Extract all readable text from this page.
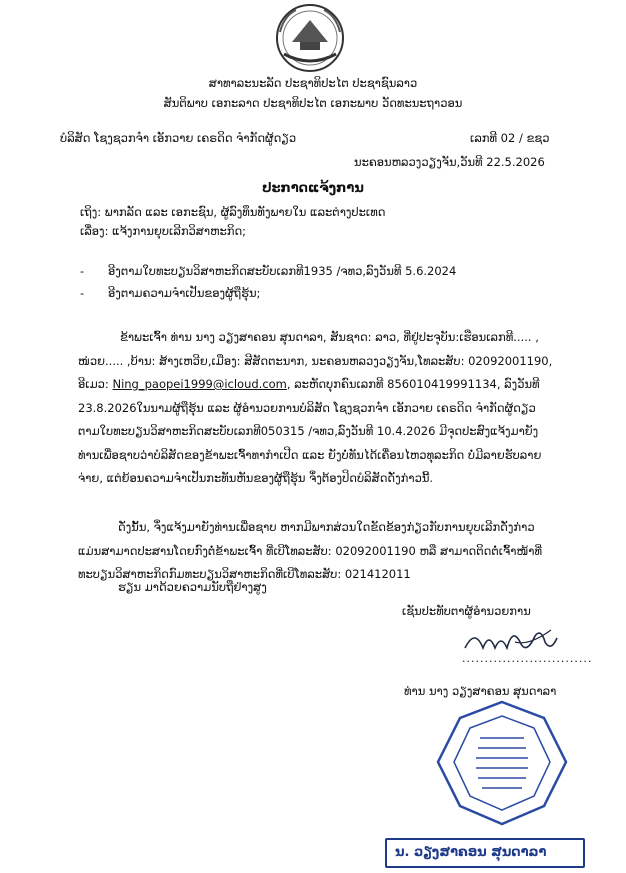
ສາທາລະນະລັດ ປະຊາທິປະໄຕ ປະຊາຊົນລາວ
ສັນຕິພາບ ເອກະລາດ ປະຊາທິປະໄຕ ເອກະພາບ ວັດທະນະຖາວອນ
ບໍລິສັດ ໂຊງຊວກຈ໋າ ເອັກວາຍ ເຄຣດິດ ຈໍາກັດຜູ້ດຽວ	ເລກທີ 02 / ຂຊວ
ນະຄອນຫລວງວຽງຈັນ,ວັນທີ 22.5.2026
ປະກາດແຈ້ງການ
ເຖິງ: ພາກລັດ ແລະ ເອກະຊົນ, ຜູ້ລົງທຶນທັງພາຍໃນ ແລະຕ່າງປະເທດ
ເລື່ອງ: ແຈ້ງການຍຸບເລີກວິສາຫະກິດ;
- ອີງຕາມໃບທະບຽນວິສາຫະກິດສະບັບເລກທີ1935 /ຈທວ,ລົງວັນທີ 5.6.2024
- ອີງຕາມຄວາມຈໍາເປັນຂອງຜູ້ຖືຮຸ້ນ;
ຂ້າພະເຈົ້າ ທ່ານ ນາງ ວຽງສາຄອນ ສຸນດາລາ, ສັນຊາດ: ລາວ, ທີ່ຢູ່ປະຈຸບັນ:ເຮືອນເລກທີ..... ,
ໜ່ວຍ..... ,ບ້ານ: ສ້າງເຫວີຍ,ເມືອງ: ສີສັດຕະນາກ, ນະຄອນຫລວງວຽງຈັນ,ໂທລະສັບ: 02092001190,
ອີເມວ: Ning_paopei1999@icloud.com, ລະຫັດບຸກຄົນເລກທີ 856010419991134, ລົງວັນທີ
23.8.2026ໃນນາມຜູ້ຖືຮຸ້ນ ແລະ ຜູ້ອໍານວຍການບໍລິສັດ ໂຊງຊວກຈ໋າ ເອັກວາຍ ເຄຣດິດ ຈໍາກັດຜູ້ດຽວ
ຕາມໃບທະບຽນວິສາຫະກິດສະບັບເລກທີ050315 /ຈທວ,ລົງວັນທີ 10.4.2026 ມີຈຸດປະສົງແຈ້ງມາຍັງ
ທ່ານເພື່ອຊາບວ່າບໍລິສັດຂອງຂ້າພະເຈົ້າທາກໍາເປີດ ແລະ ຍັງບໍ່ທັນໄດ້ເຄື່ອນໄຫວທຸລະກິດ ບໍ່ມີລາຍຮັບລາຍ
ຈ່າຍ, ແຕ່ຍ້ອນຄວາມຈໍາເປັນກະທັນຫັນຂອງຜູ້ຖືຮຸ້ນ ຈຶ່ງຕ້ອງປິດບໍລິສັດດັ່ງກ່າວນີ້.
ດັ່ງນັ້ນ, ຈຶ່ງແຈ້ງມາຍັງທ່ານເພື່ອຊາບ ຫາກມີພາກສ່ວນໃດຂັດຂ້ອງກ່ຽວກັບການຍຸບເລີກດັ່ງກ່າວ
ແມ່ນສາມາດປະສານໂດຍກົງຕໍ່ຂ້າພະເຈົ້າ ທີ່ເບີໂທລະສັບ: 02092001190 ຫລື ສາມາດຕິດຕໍ່ເຈົ້າໜ້າທີ່
ທະບຽນວິສາຫະກິດກົມທະບຽນວິສາຫະກິດທີ່ເບີໂທລະສັບ: 021412011
ຮຽນ ມາດ້ວຍຄວາມນັບຖືຢ່າງສູງ
ເຊັນປະທັບຕາຜູ້ອໍານວຍການ
.............................
ທ່ານ ນາງ ວຽງສາຄອນ ສຸນດາລາ
ນ. ວຽງສາຄອນ ສຸນດາລາ
